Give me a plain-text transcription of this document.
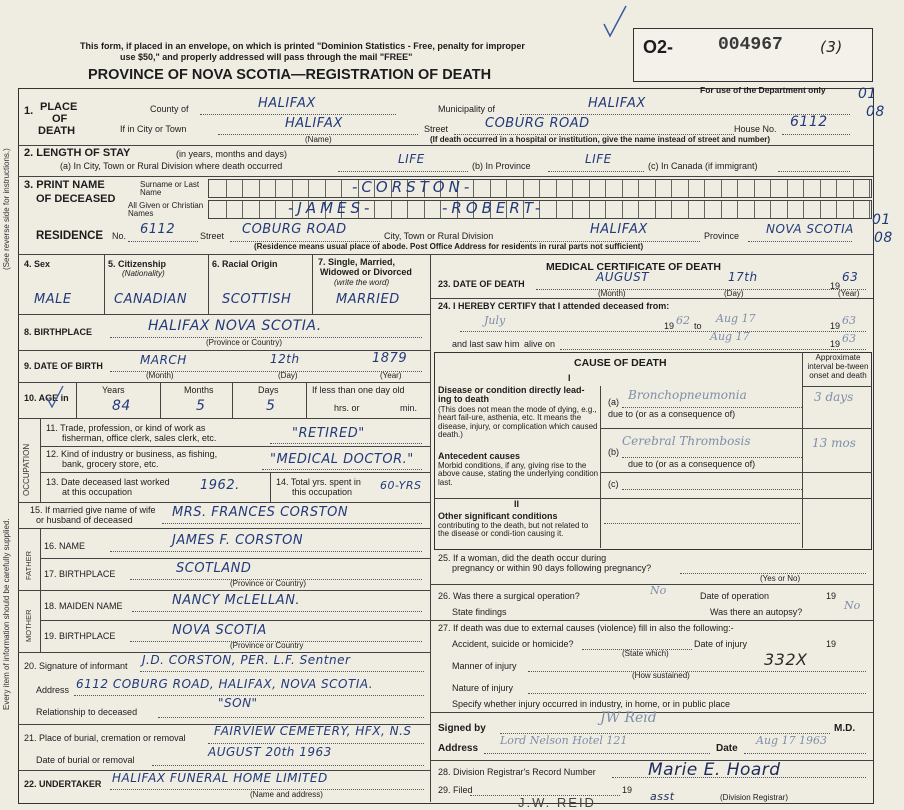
(See reverse side for instructions.)
Every item of information should be carefully supplied.
This form, if placed in an envelope, on which is printed "Dominion Statistics - Free, penalty for improper
use $50," and properly addressed will pass through the mail "FREE"
PROVINCE OF NOVA SCOTIA—REGISTRATION OF DEATH
O2- 004967 (3)
For use of the Department only 01
08
1. PLACE
OF
DEATH
County of	HALIFAX	Municipality of	HALIFAX
If in City or Town	HALIFAX
(Name)
Street	COBURG ROAD	House No. 6112
(If death occurred in a hospital or institution, give the name instead of street and number)
2. LENGTH OF STAY	(in years, months and days)
(a) In City, Town or Rural Division where death occurred	LIFE	(b) In Province	LIFE	(c) In Canada (if immigrant)
3. PRINT NAME
OF DECEASED
Surname or Last Name
All Given or Christian Names
-CORSTON-
-JAMES-	-ROBERT-
RESIDENCE No. 6112	Street COBURG ROAD	City, Town or Rural Division	HALIFAX	Province NOVA SCOTIA
01
08
(Residence means usual place of abode. Post Office Address for residents in rural parts not sufficient)
4. Sex	5. Citizenship
(Nationality)
6. Racial Origin	7. Single, Married,
Widowed or Divorced
(write the word)
MALE	CANADIAN	SCOTTISH	MARRIED
8. BIRTHPLACE	HALIFAX NOVA SCOTIA.
(Province or Country)
9. DATE OF BIRTH	MARCH	12th	1879
(Month)	(Day)	(Year)
10. AGE in
Years	Months	Days
84	5	5
If less than one day old
hrs. or	min.
OCCUPATION
11. Trade, profession, or kind of work as
fisherman, office clerk, sales clerk, etc.	"RETIRED"
12. Kind of industry or business, as fishing,
bank, grocery store, etc.	"MEDICAL DOCTOR."
13. Date deceased last worked
at this occupation	1962.	14. Total yrs. spent in
this occupation	60-YRS
15. If married give name of wife
or husband of deceased	MRS. FRANCES CORSTON
FATHER
16. NAME	JAMES F. CORSTON
17. BIRTHPLACE	SCOTLAND
(Province or Country)
MOTHER
18. MAIDEN NAME	NANCY McLELLAN.
19. BIRTHPLACE	NOVA SCOTIA
(Province or Country
20. Signature of informant J.D. CORSTON, PER. L.F. Sentner
Address 6112 COBURG ROAD, HALIFAX, NOVA SCOTIA.
Relationship to deceased
"SON"
21. Place of burial, cremation or removal FAIRVIEW CEMETERY, HFX, N.S
Date of burial or removal
AUGUST 20th 1963
22. UNDERTAKER HALIFAX FUNERAL HOME LIMITED
(Name and address)
MEDICAL CERTIFICATE OF DEATH
23. DATE OF DEATH	AUGUST	17th
19
63
(Month)	(Day)	(Year)
24. I HEREBY CERTIFY that I attended deceased from:
July	19 62 to
Aug 17
19 63
and last saw h im alive on
Aug 17
19 63
CAUSE OF DEATH
I
Approximate interval be-tween onset and death
Disease or condition directly lead-ing to death
(This does not mean the mode of dying, e.g., heart fail-ure, asthenia, etc. It means the disease, injury, or complication which caused death.)
(a) Bronchopneumonia	3 days
due to (or as a consequence of)
Antecedent causes
Morbid conditions, if any, giving rise to the above cause, stating the underlying condition last.
(b)
Cerebral Thrombosis	13 mos
due to (or as a consequence of)
(c)
II
Other significant conditions
contributing to the death, but not related to the disease or condi-tion causing it.
25. If a woman, did the death occur during
pregnancy or within 90 days following pregnancy?
(Yes or No)
26. Was there a surgical operation?	No	Date of operation	19
State findings	Was there an autopsy?	No
27. If death was due to external causes (violence) fill in also the following:-
Accident, suicide or homicide?	Date of injury	19
(State which)
Manner of injury	332X
(How sustained)
Nature of injury
Specify whether injury occurred in industry, in home, or in public place
Signed by
JW Reid
M.D.
Address
Lord Nelson Hotel 121
Date
Aug 17 1963
28. Division Registrar's Record Number
29. Filed	19
Marie E. Hoard
asst	(Division Registrar)
J.W. REID
